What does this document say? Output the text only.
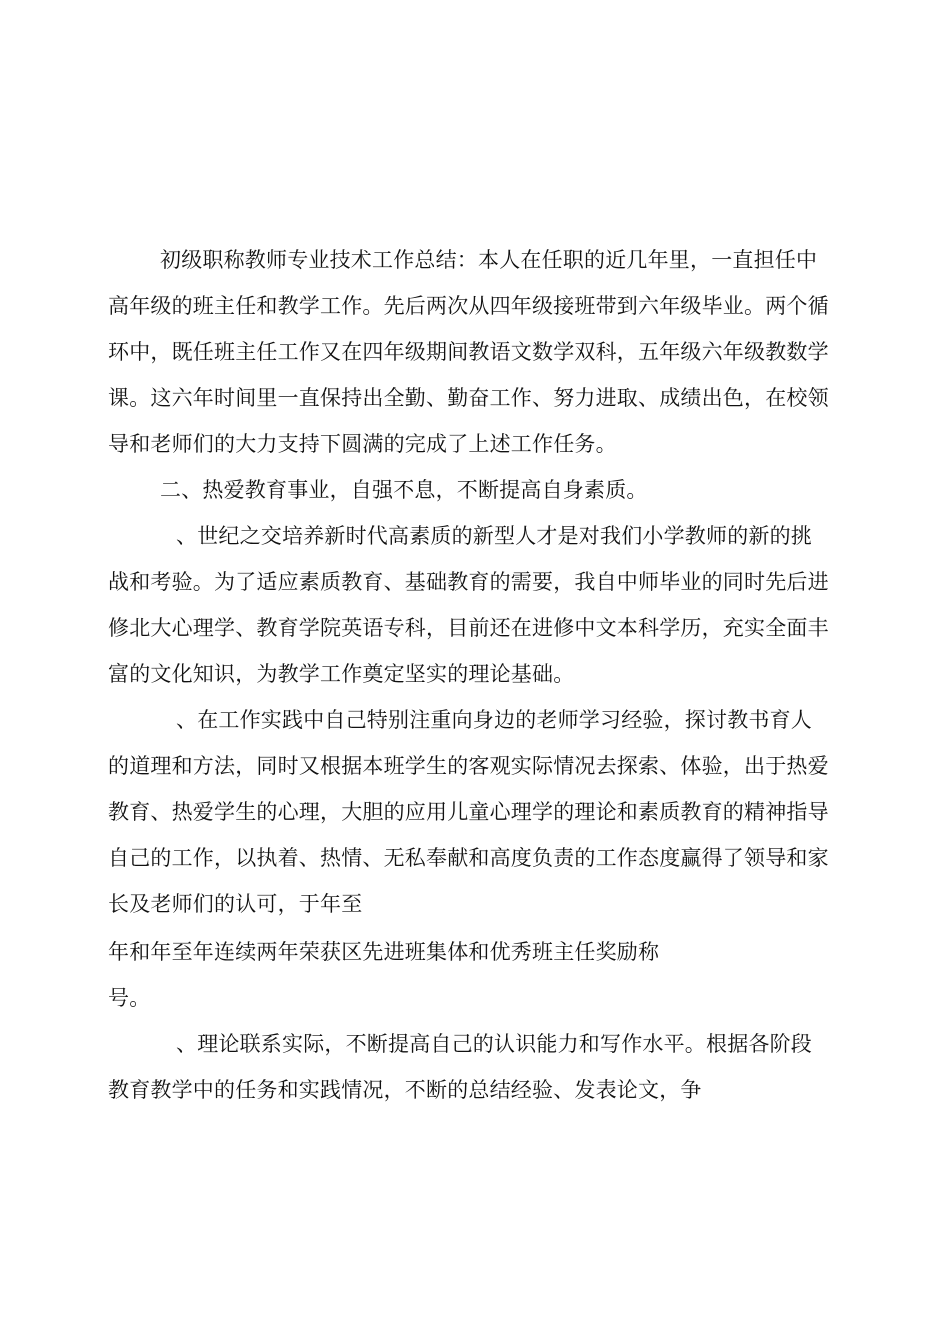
初级职称教师专业技术工作总结：本人在任职的近几年里，一直担任中
高年级的班主任和教学工作。先后两次从四年级接班带到六年级毕业。两个循
环中，既任班主任工作又在四年级期间教语文数学双科，五年级六年级教数学
课。这六年时间里一直保持出全勤、勤奋工作、努力进取、成绩出色，在校领
导和老师们的大力支持下圆满的完成了上述工作任务。
二、热爱教育事业，自强不息，不断提高自身素质。
、世纪之交培养新时代高素质的新型人才是对我们小学教师的新的挑
战和考验。为了适应素质教育、基础教育的需要，我自中师毕业的同时先后进
修北大心理学、教育学院英语专科，目前还在进修中文本科学历，充实全面丰
富的文化知识，为教学工作奠定坚实的理论基础。
、在工作实践中自己特别注重向身边的老师学习经验，探讨教书育人
的道理和方法，同时又根据本班学生的客观实际情况去探索、体验，出于热爱
教育、热爱学生的心理，大胆的应用儿童心理学的理论和素质教育的精神指导
自己的工作，以执着、热情、无私奉献和高度负责的工作态度赢得了领导和家
长及老师们的认可，于年至
年和年至年连续两年荣获区先进班集体和优秀班主任奖励称
号。
、理论联系实际，不断提高自己的认识能力和写作水平。根据各阶段
教育教学中的任务和实践情况，不断的总结经验、发表论文，争
